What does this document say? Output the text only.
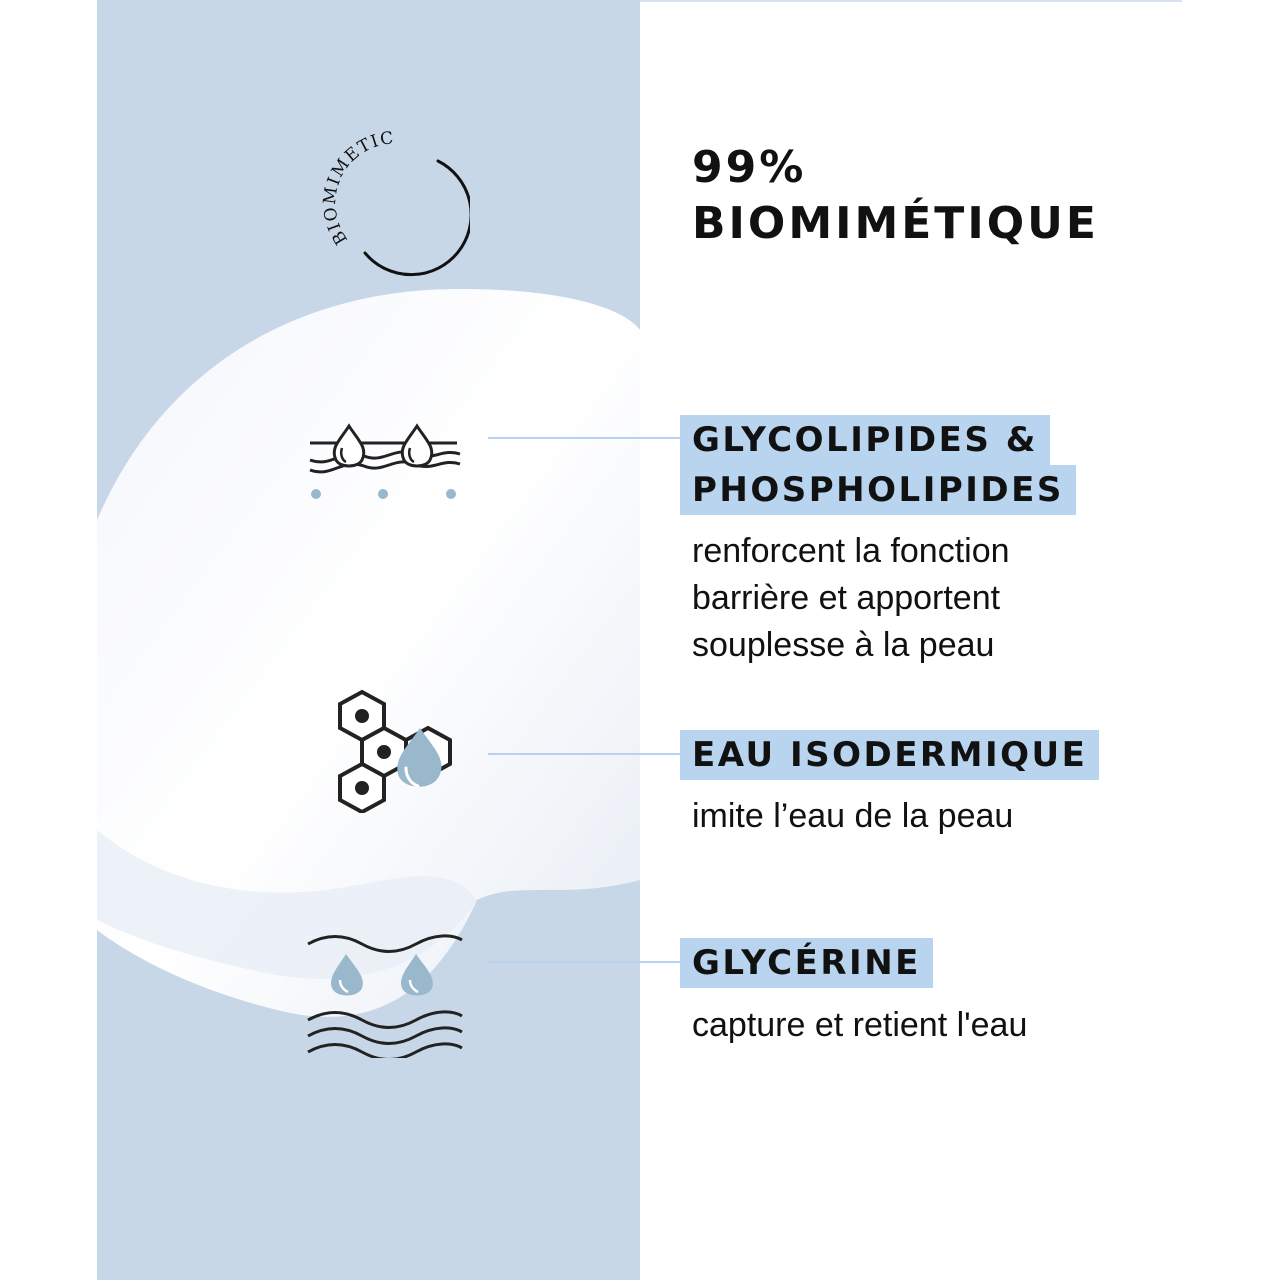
BIOMIMETIC
99%
BIOMIMÉTIQUE
GLYCOLIPIDES &
PHOSPHOLIPIDES
renforcent la fonction
barrière et apportent
souplesse à la peau
EAU ISODERMIQUE
imite l’eau de la peau
GLYCÉRINE
capture et retient l'eau
